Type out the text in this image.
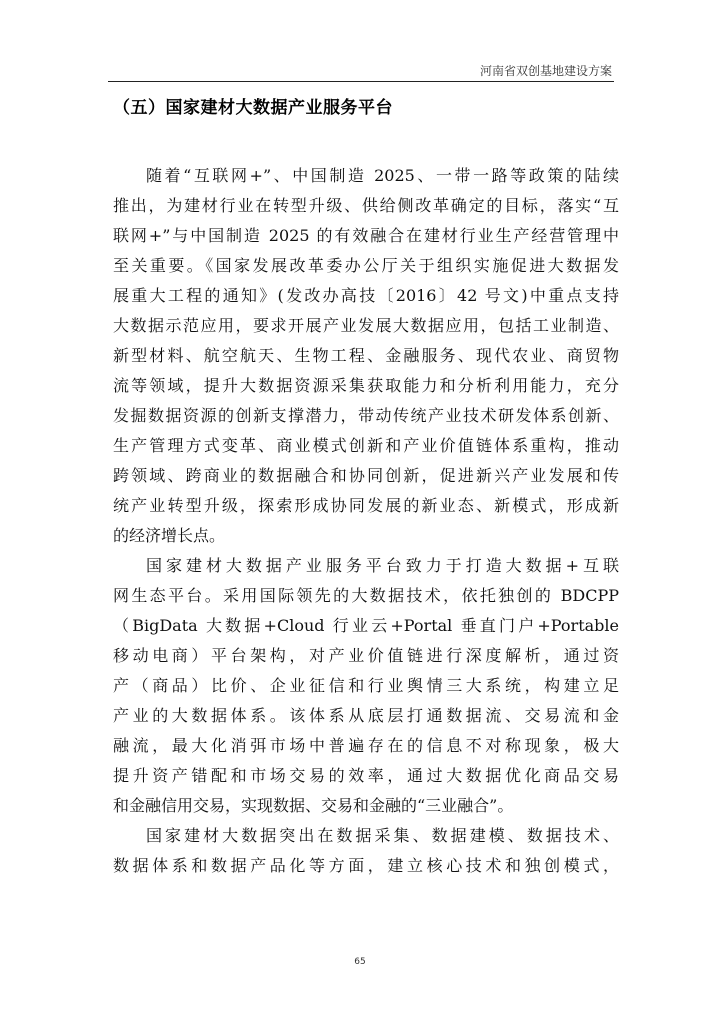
河南省双创基地建设方案
（五）国家建材大数据产业服务平台
随着“互联网+”、中国制造 2025、一带一路等政策的陆续
推出，为建材行业在转型升级、供给侧改革确定的目标，落实“互
联网+”与中国制造 2025 的有效融合在建材行业生产经营管理中
至关重要。《国家发展改革委办公厅关于组织实施促进大数据发
展重大工程的通知》(发改办高技〔2016〕42 号文)中重点支持
大数据示范应用，要求开展产业发展大数据应用，包括工业制造、
新型材料、航空航天、生物工程、金融服务、现代农业、商贸物
流等领域，提升大数据资源采集获取能力和分析利用能力，充分
发掘数据资源的创新支撑潜力，带动传统产业技术研发体系创新、
生产管理方式变革、商业模式创新和产业价值链体系重构，推动
跨领域、跨商业的数据融合和协同创新，促进新兴产业发展和传
统产业转型升级，探索形成协同发展的新业态、新模式，形成新
的经济增长点。
国家建材大数据产业服务平台致力于打造大数据+互联
网生态平台。采用国际领先的大数据技术，依托独创的 BDCPP
（BigData 大数据+Cloud 行业云+Portal 垂直门户+Portable
移动电商）平台架构，对产业价值链进行深度解析，通过资
产（商品）比价、企业征信和行业舆情三大系统，构建立足
产业的大数据体系。该体系从底层打通数据流、交易流和金
融流，最大化消弭市场中普遍存在的信息不对称现象，极大
提升资产错配和市场交易的效率，通过大数据优化商品交易
和金融信用交易，实现数据、交易和金融的“三业融合”。
国家建材大数据突出在数据采集、数据建模、数据技术、
数据体系和数据产品化等方面，建立核心技术和独创模式，
65
